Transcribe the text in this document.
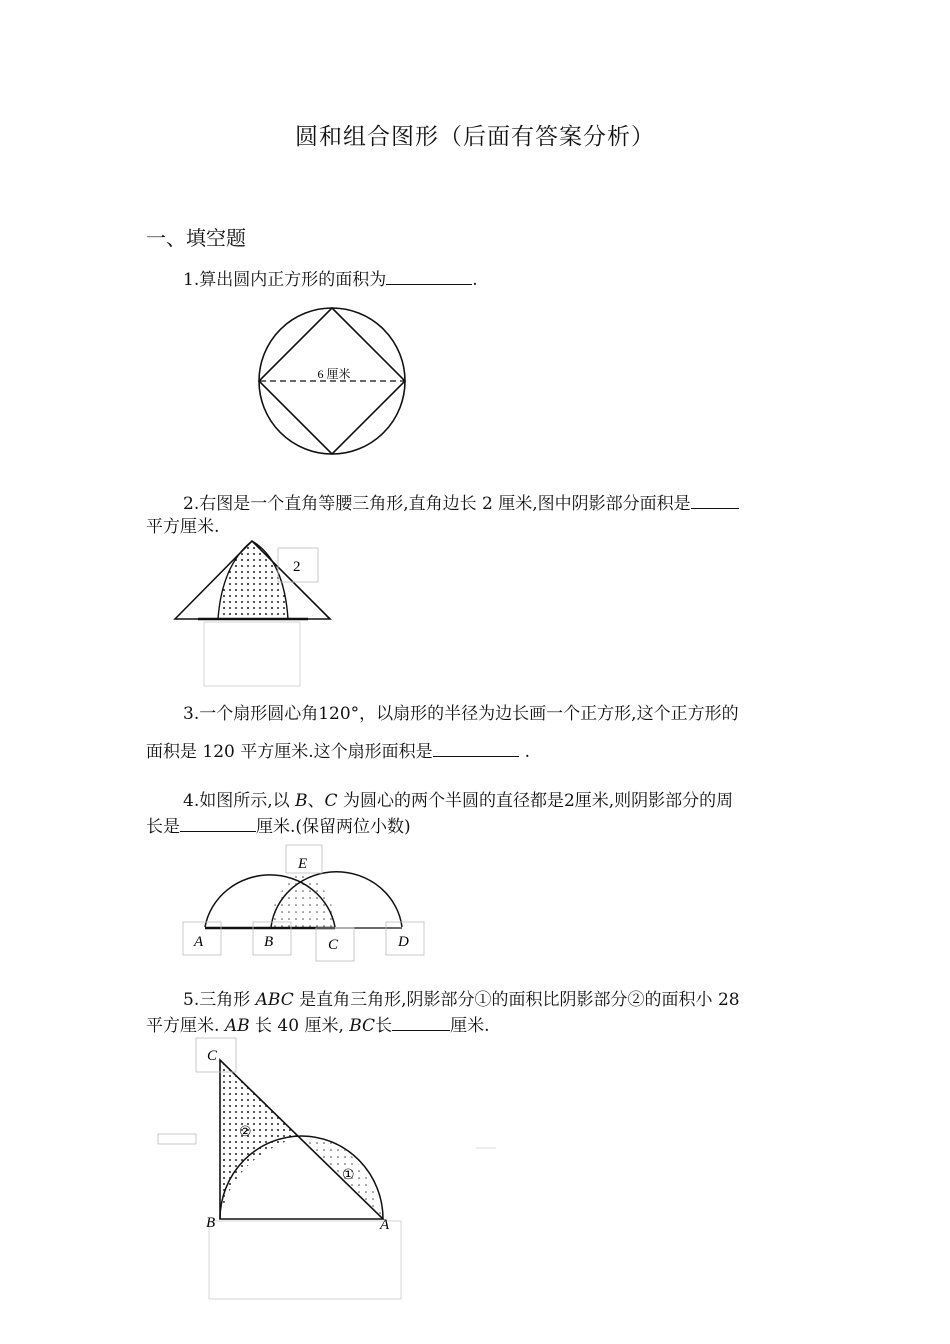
圆和组合图形（后面有答案分析）
一、填空题
1.算出圆内正方形的面积为	.
6 厘米
2
E
A	B	C	D
C
B	A
②
①
2.右图是一个直角等腰三角形,直角边长 2 厘米,图中阴影部分面积是
平方厘米.
3.一个扇形圆心角120°，以扇形的半径为边长画一个正方形,这个正方形的
面积是 120 平方厘米.这个扇形面积是	.
4.如图所示,以 B、C 为圆心的两个半圆的直径都是2厘米,则阴影部分的周
长是	厘米.(保留两位小数)
5.三角形 ABC 是直角三角形,阴影部分①的面积比阴影部分②的面积小 28
平方厘米. AB 长 40 厘米, BC长	厘米.
